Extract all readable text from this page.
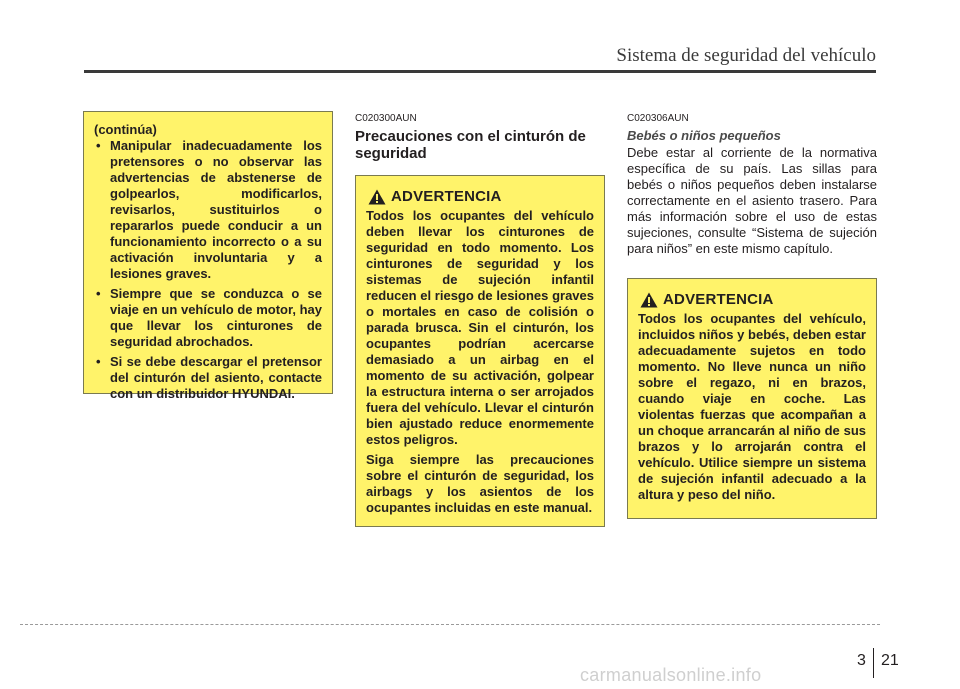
Sistema de seguridad del vehículo
(continúa)
• Manipular inadecuadamente los pretensores o no observar las advertencias de abstenerse de golpearlos, modificarlos, revisarlos, sustituirlos o repararlos puede conducir a un funcionamiento incorrecto o a su activación involuntaria y a lesiones graves.
• Siempre que se conduzca o se viaje en un vehículo de motor, hay que llevar los cinturones de seguridad abrochados.
• Si se debe descargar el pretensor del cinturón del asiento, contacte con un distribuidor HYUNDAI.
C020300AUN
Precauciones con el cinturón de seguridad
ADVERTENCIA

Todos los ocupantes del vehículo deben llevar los cinturones de seguridad en todo momento. Los cinturones de seguridad y los sistemas de sujeción infantil reducen el riesgo de lesiones graves o mortales en caso de colisión o parada brusca. Sin el cinturón, los ocupantes podrían acercarse demasiado a un airbag en el momento de su activación, golpear la estructura interna o ser arrojados fuera del vehículo. Llevar el cinturón bien ajustado reduce enormemente estos peligros.

Siga siempre las precauciones sobre el cinturón de seguridad, los airbags y los asientos de los ocupantes incluidas en este manual.

C020306AUN
Bebés o niños pequeños

Debe estar al corriente de la normativa específica de su país. Las sillas para bebés o niños pequeños deben instalarse correctamente en el asiento trasero. Para más información sobre el uso de estas sujeciones, consulte “Sistema de sujeción para niños” en este mismo capítulo.

ADVERTENCIA

Todos los ocupantes del vehículo, incluidos niños y bebés, deben estar adecuadamente sujetos en todo momento. No lleve nunca un niño sobre el regazo, ni en brazos, cuando viaje en coche. Las violentas fuerzas que acompañan a un choque arrancarán al niño de sus brazos y lo arrojarán contra el vehículo. Utilice siempre un sistema de sujeción infantil adecuado a la altura y peso del niño.

3 21
carmanualsonline.info
